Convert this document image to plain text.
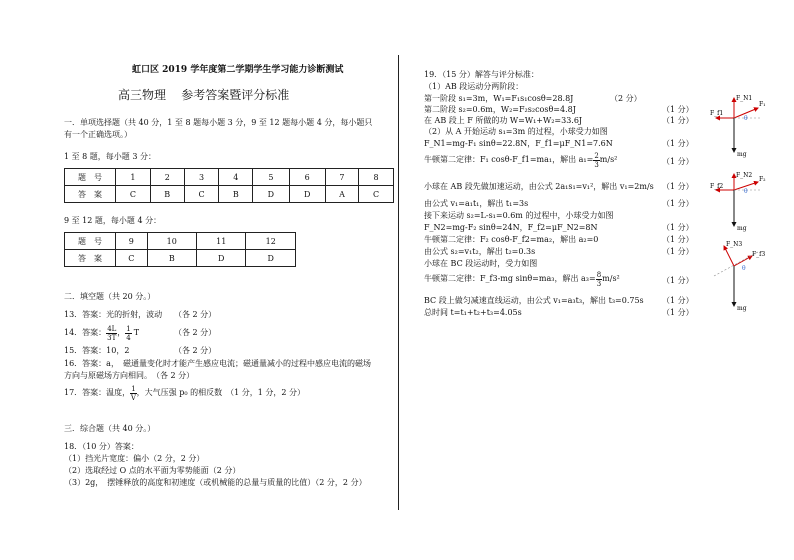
虹口区 2019 学年度第二学期学生学习能力诊断测试
高三物理    参考答案暨评分标准
一．单项选择题（共 40 分，1 至 8 题每小题 3 分，9 至 12 题每小题 4 分，每小题只
有一个正确选项。）
1 至 8 题，每小题 3 分：
题　号	1	2	3	4	5	6	7	8
答　案	C	B	C	B	D	D	A	C
9 至 12 题，每小题 4 分：
题　号	9	10	11	12
答　案	C	B	D	D
二．填空题（共 20 分。）
13．答案：光的折射，波动 （各 2 分）
14．答案： $\frac{4L}{3T}$ ， $\frac{1}{4}$ T	（各 2 分）
15．答案：10，2	（各 2 分）
16．答案：a，　磁通量变化时才能产生感应电流；磁通量减小的过程中感应电流的磁场
方向与原磁场方向相同。　（各 2 分）
17．答案：温度， $\frac{1}{V}$ ，大气压强 p₀ 的相反数　（1 分，1 分，2 分）
三．综合题（共 40 分。）
18．（10 分）答案：
（1）挡光片宽度：偏小（2 分，2 分）
（2）选取经过 O 点的水平面为零势能面（2 分）
（3）2g，　摆锤释放的高度和初速度（或机械能的总量与质量的比值）（2 分，2 分）
19．（15 分）解答与评分标准：
（1）AB 段运动分两阶段：
第一阶段 s₁=3m，W₁=F₁s₁cosθ=28.8J	（2 分）
第二阶段 s₂=0.6m，W₂=F₂s₂cosθ=4.8J	（1 分）
在 AB 段上 F 所做的功 W=W₁+W₂=33.6J	（1 分）
（2）从 A 开始运动 s₁=3m 的过程，小球受力如图
F_N1=mg-F₁ sinθ=22.8N，F_f1=μF_N1=7.6N	（1 分）
牛顿第二定律：F₁ cosθ-F_f1=ma₁，解出 $a_1= \frac{2}{3} m/s^2$	（1 分）
小球在 AB 段先做加速运动，由公式 2a₁s₁=v₁²，解出 v₁=2m/s （1 分）
由公式 v₁=a₁t₁，解出 t₁=3s	（1 分）
接下来运动 s₂=L-s₁=0.6m 的过程中，小球受力如图
F_N2=mg-F₂ sinθ=24N，F_f2=μF_N2=8N	（1 分）
牛顿第二定律：F₂ cosθ-F_f2=ma₂，解出 a₂=0	（1 分）
由公式 s₂=v₁t₂，解出 t₂=0.3s	（1 分）
小球在 BC 段运动时，受力如图
牛顿第二定律：F_f3-mg sinθ=ma₃，解出 $a_3= \frac{8}{3} m/s^2$	（1 分）
BC 段上做匀减速直线运动，由公式 v₁=a₃t₃，解出 t₃=0.75s （1 分）
总时间 t=t₁+t₂+t₃=4.05s	（1 分）
F_N1
F₁
F_f1
θ
mg
F_N2
F₂
F_f2
θ
mg
F_N3
F_f3
θ
mg
